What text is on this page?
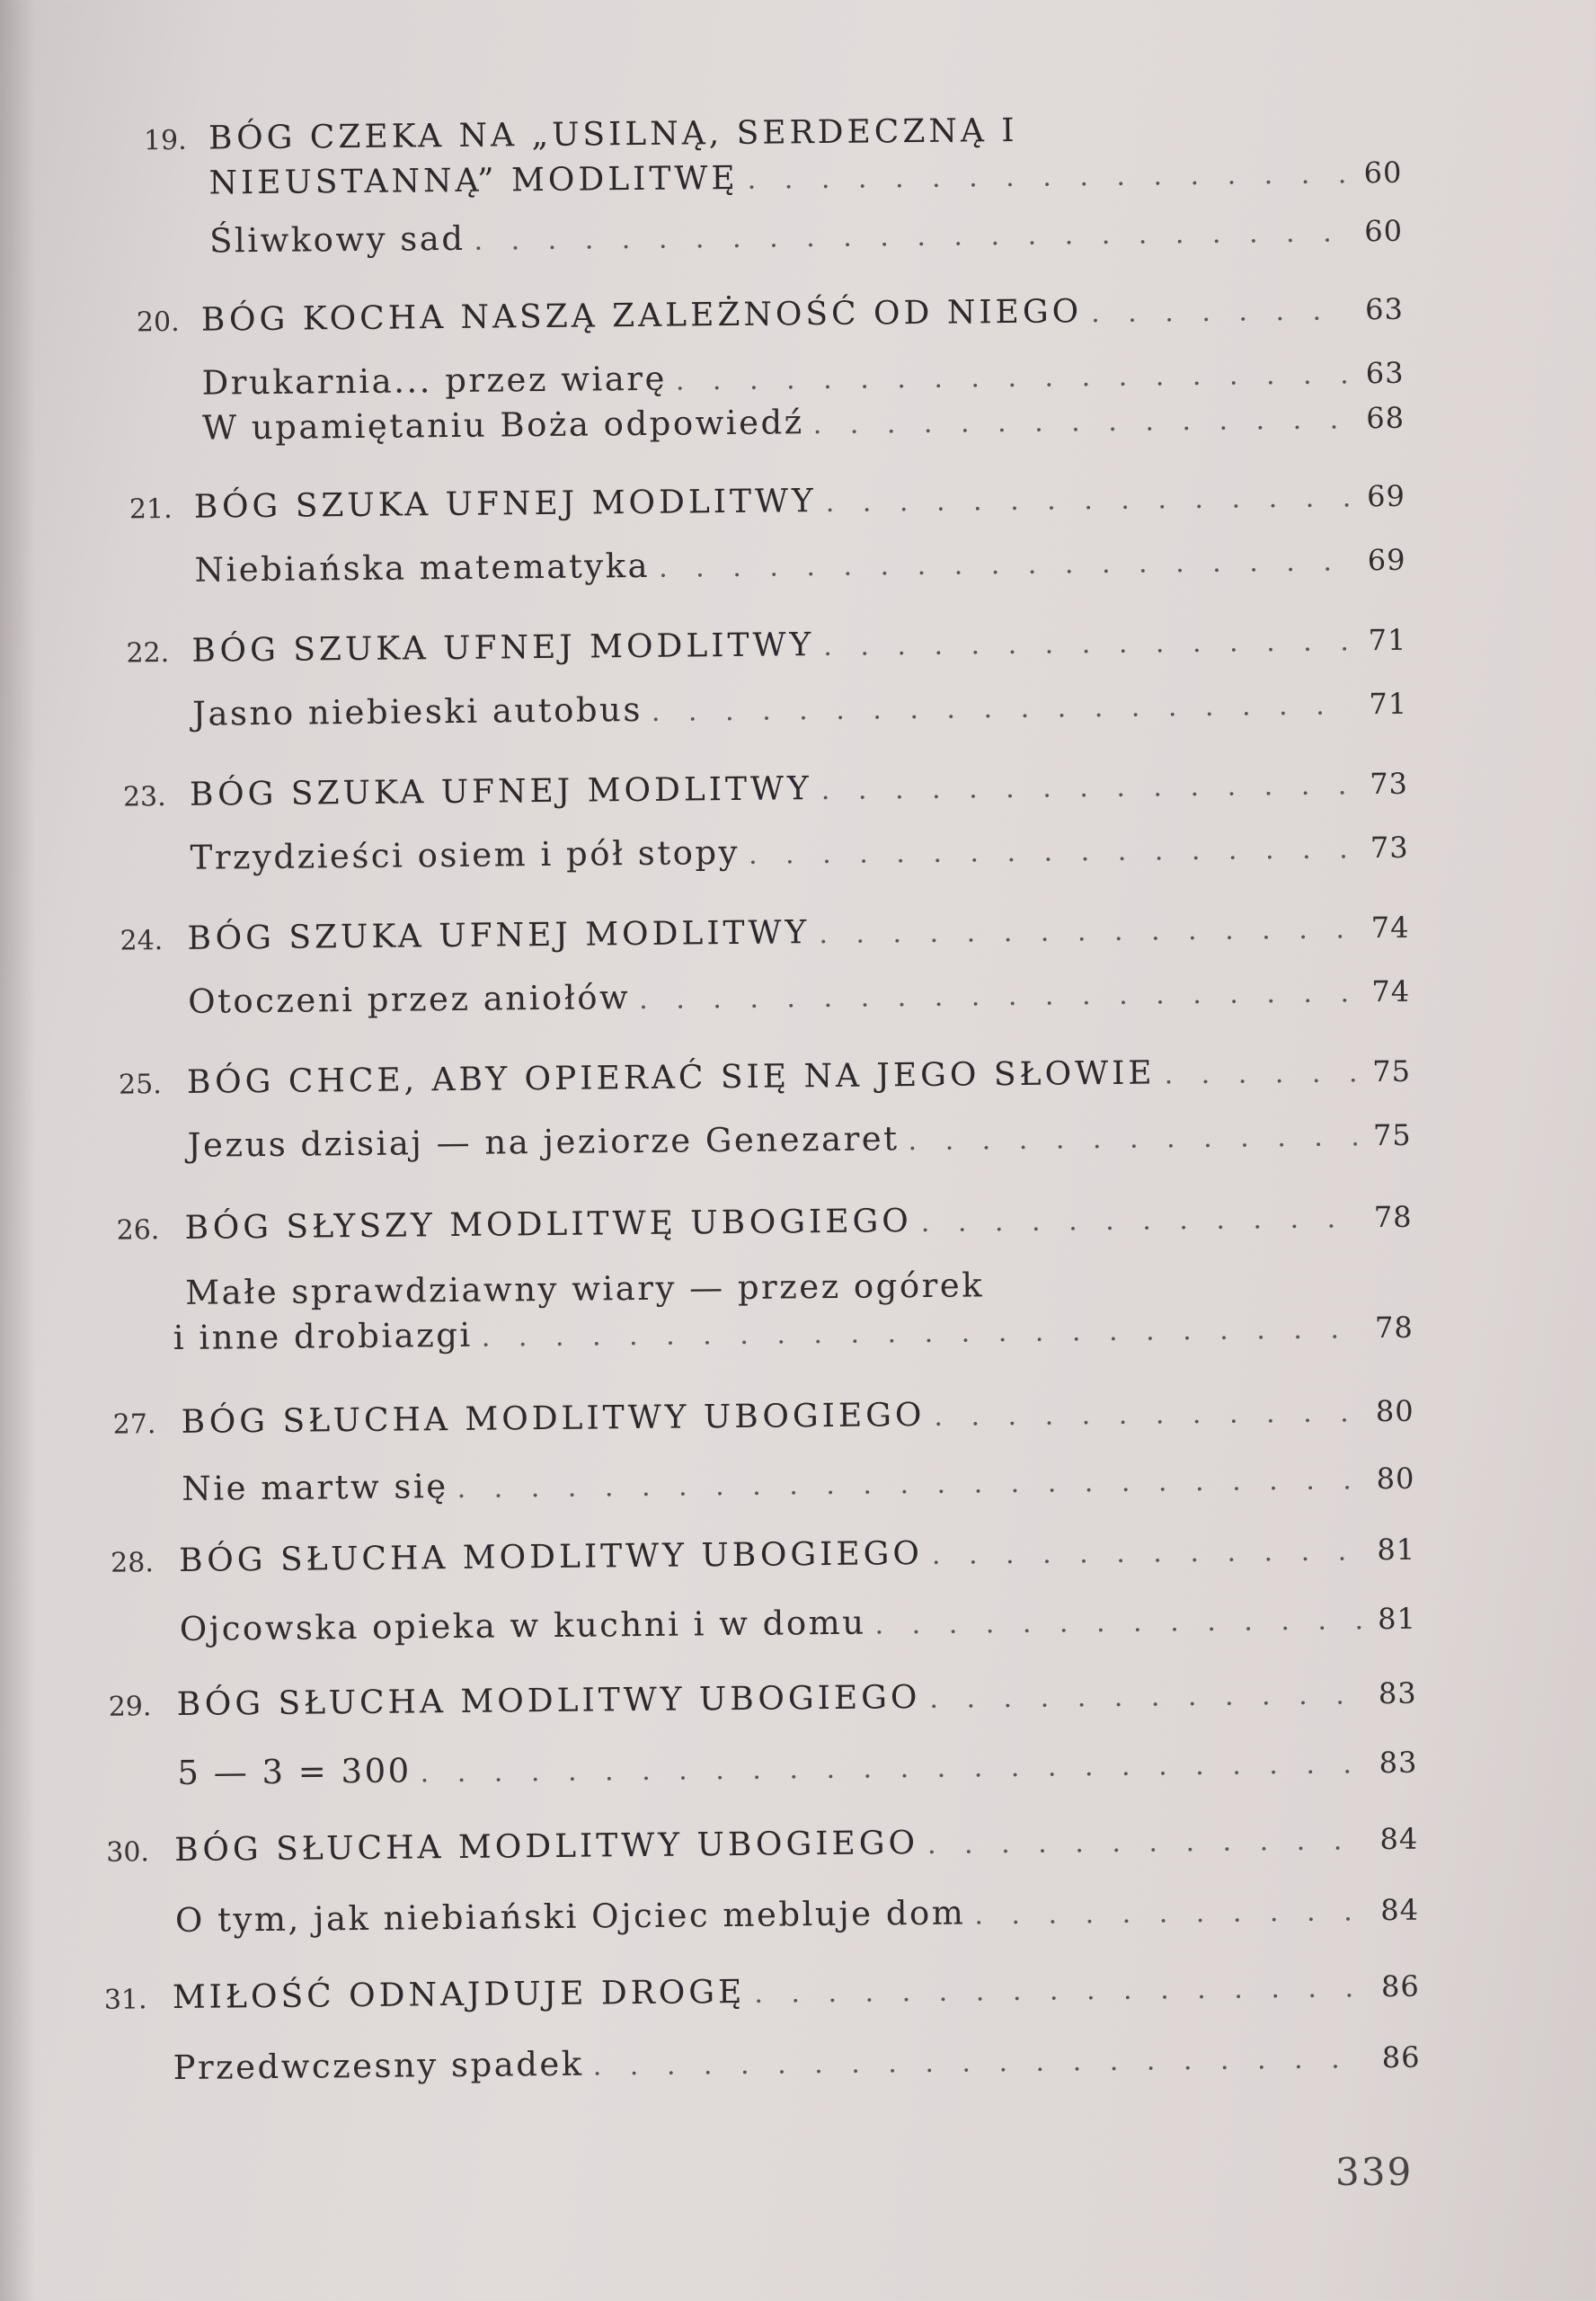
19. BÓG CZEKA NA „USILNĄ, SERDECZNĄ I
NIEUSTANNĄ” MODLITWĘ . . .	60
Śliwkowy sad . . .	60
20. BÓG KOCHA NASZĄ ZALEŻNOŚĆ OD NIEGO . . .	63
Drukarnia... przez wiarę . . .	63
W upamiętaniu Boża odpowiedź . . .	68
21. BÓG SZUKA UFNEJ MODLITWY . . .	69
Niebiańska matematyka . . .	69
22. BÓG SZUKA UFNEJ MODLITWY . . .	71
Jasno niebieski autobus . . .	71
23. BÓG SZUKA UFNEJ MODLITWY . . .	73
Trzydzieści osiem i pół stopy . . .	73
24. BÓG SZUKA UFNEJ MODLITWY . . .	74
Otoczeni przez aniołów . . .	74
25. BÓG CHCE, ABY OPIERAĆ SIĘ NA JEGO SŁOWIE . . .	75
Jezus dzisiaj — na jeziorze Genezaret . . .	75
26. BÓG SŁYSZY MODLITWĘ UBOGIEGO . . .	78
Małe sprawdziawny wiary — przez ogórek
i inne drobiazgi . . .	78
27. BÓG SŁUCHA MODLITWY UBOGIEGO . . .	80
Nie martw się . . .	80
28. BÓG SŁUCHA MODLITWY UBOGIEGO . . .	81
Ojcowska opieka w kuchni i w domu . . .	81
29. BÓG SŁUCHA MODLITWY UBOGIEGO . . .	83
5 — 3 = 300 . . .	83
30. BÓG SŁUCHA MODLITWY UBOGIEGO . . .	84
O tym, jak niebiański Ojciec mebluje dom . . .	84
31. MIŁOŚĆ ODNAJDUJE DROGĘ . . .	86
Przedwczesny spadek . . .	86
339
